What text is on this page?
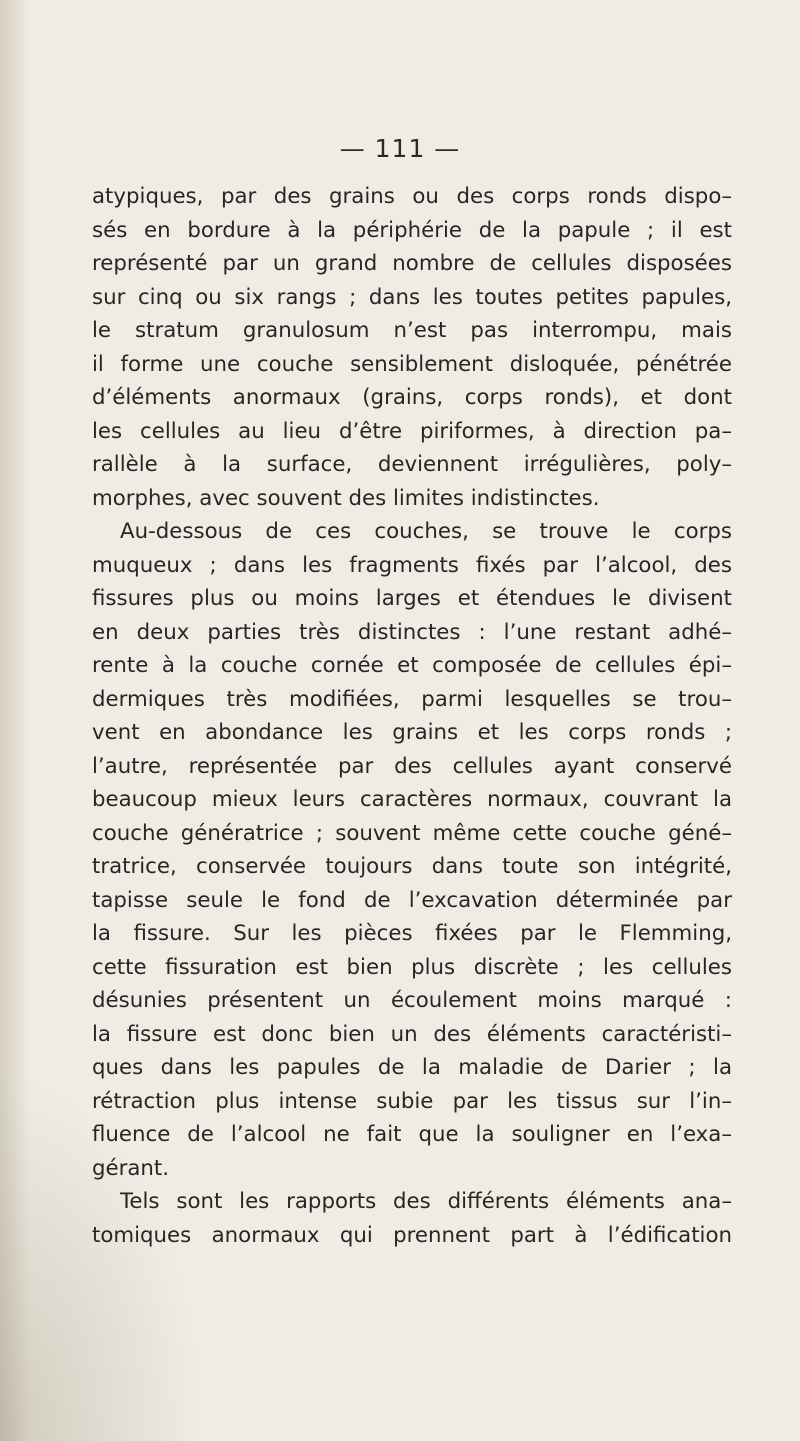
— 111 —
atypiques, par des grains ou des corps ronds dispo–
sés en bordure à la périphérie de la papule ; il est
représenté par un grand nombre de cellules disposées
sur cinq ou six rangs ; dans les toutes petites papules,
le stratum granulosum n’est pas interrompu, mais
il forme une couche sensiblement disloquée, pénétrée
d’éléments anormaux (grains, corps ronds), et dont
les cellules au lieu d’être piriformes, à direction pa–
rallèle à la surface, deviennent irrégulières, poly–
morphes, avec souvent des limites indistinctes.
Au-dessous de ces couches, se trouve le corps
muqueux ; dans les fragments fixés par l’alcool, des
fissures plus ou moins larges et étendues le divisent
en deux parties très distinctes : l’une restant adhé–
rente à la couche cornée et composée de cellules épi–
dermiques très modifiées, parmi lesquelles se trou–
vent en abondance les grains et les corps ronds ;
l’autre, représentée par des cellules ayant conservé
beaucoup mieux leurs caractères normaux, couvrant la
couche génératrice ; souvent même cette couche géné–
tratrice, conservée toujours dans toute son intégrité,
tapisse seule le fond de l’excavation déterminée par
la fissure. Sur les pièces fixées par le Flemming,
cette fissuration est bien plus discrète ; les cellules
désunies présentent un écoulement moins marqué :
la fissure est donc bien un des éléments caractéristi–
ques dans les papules de la maladie de Darier ; la
rétraction plus intense subie par les tissus sur l’in–
fluence de l’alcool ne fait que la souligner en l’exa–
gérant.
Tels sont les rapports des différents éléments ana–
tomiques anormaux qui prennent part à l’édification
